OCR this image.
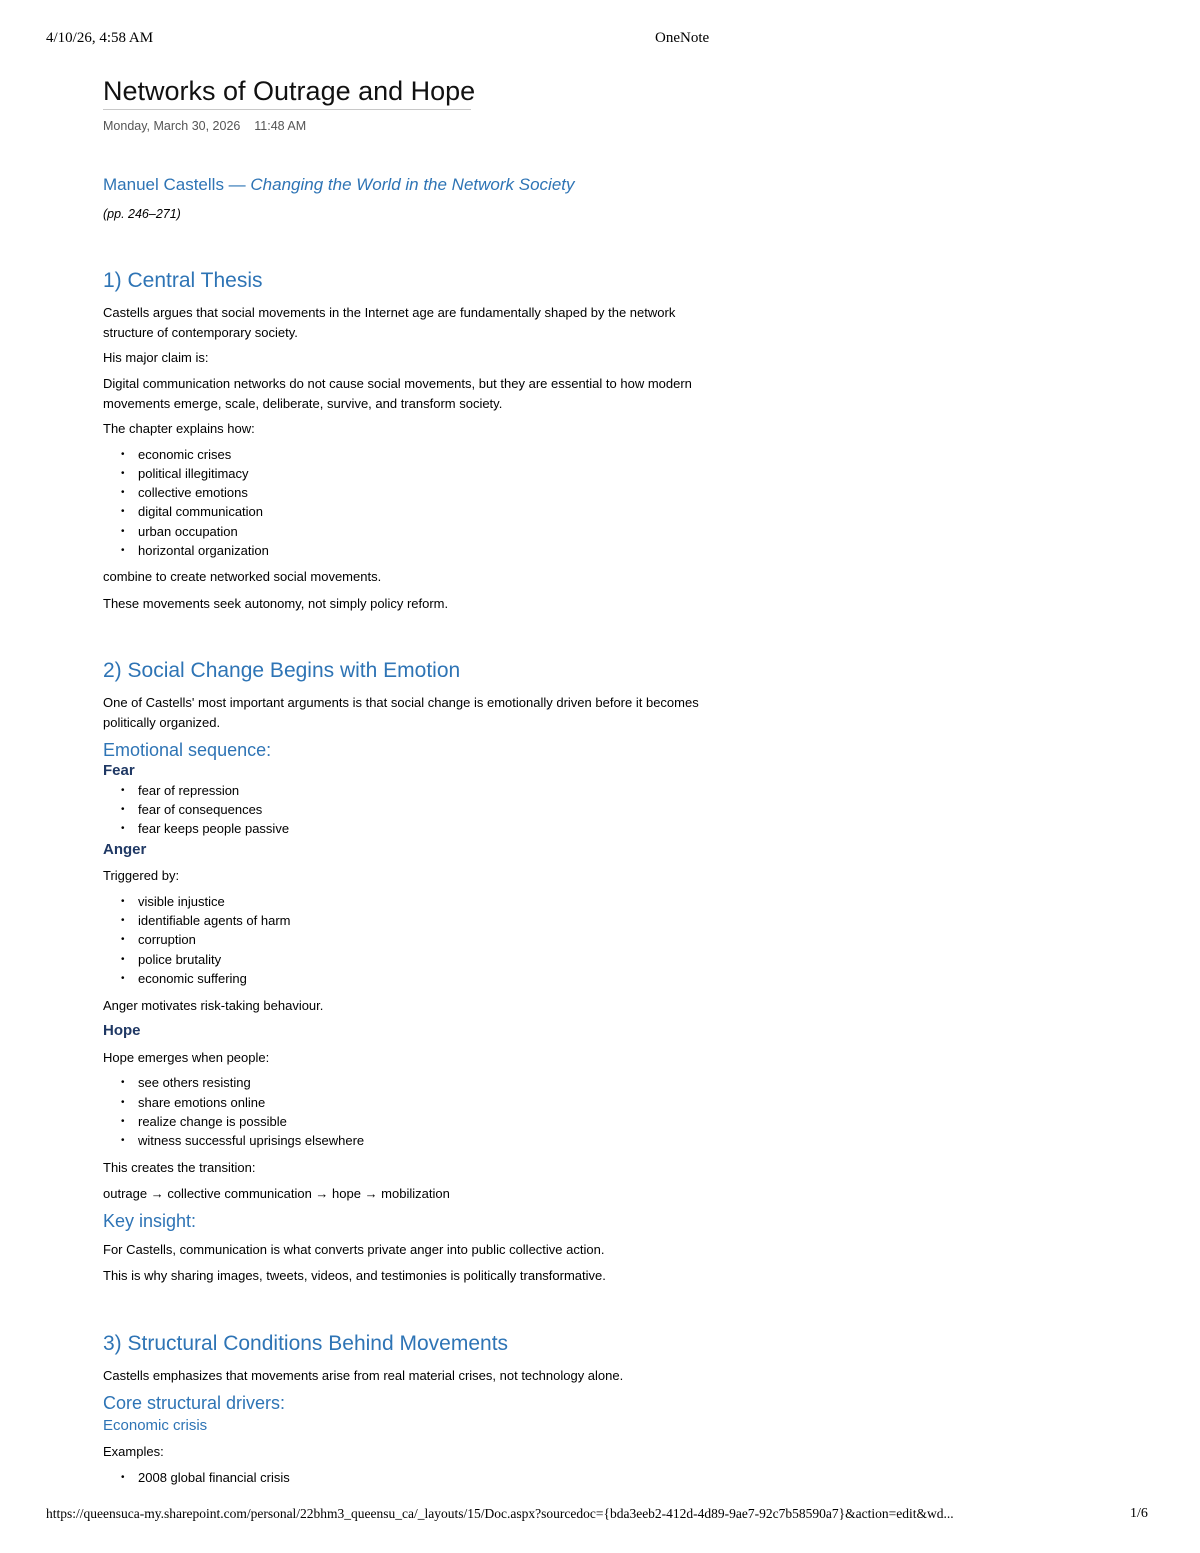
4/10/26, 4:58 AM	OneNote
Networks of Outrage and Hope
Monday, March 30, 2026 11:48 AM
Manuel Castells — Changing the World in the Network Society
(pp. 246–271)
1) Central Thesis
Castells argues that social movements in the Internet age are fundamentally shaped by the network structure of contemporary society.
His major claim is:
Digital communication networks do not cause social movements, but they are essential to how modern movements emerge, scale, deliberate, survive, and transform society.
The chapter explains how:
• economic crises
• political illegitimacy
• collective emotions
• digital communication
• urban occupation
• horizontal organization
combine to create networked social movements.
These movements seek autonomy, not simply policy reform.
2) Social Change Begins with Emotion
One of Castells' most important arguments is that social change is emotionally driven before it becomes politically organized.
Emotional sequence:
Fear
• fear of repression
• fear of consequences
• fear keeps people passive
Anger
Triggered by:
• visible injustice
• identifiable agents of harm
• corruption
• police brutality
• economic suffering
Anger motivates risk-taking behaviour.
Hope
Hope emerges when people:
• see others resisting
• share emotions online
• realize change is possible
• witness successful uprisings elsewhere
This creates the transition:
outrage → collective communication → hope → mobilization
Key insight:
For Castells, communication is what converts private anger into public collective action.
This is why sharing images, tweets, videos, and testimonies is politically transformative.
3) Structural Conditions Behind Movements
Castells emphasizes that movements arise from real material crises, not technology alone.
Core structural drivers:
Economic crisis
Examples:
• 2008 global financial crisis
https://queensuca-my.sharepoint.com/personal/22bhm3_queensu_ca/_layouts/15/Doc.aspx?sourcedoc={bda3eeb2-412d-4d89-9ae7-92c7b58590a7}&action=edit&wd...	1/6
